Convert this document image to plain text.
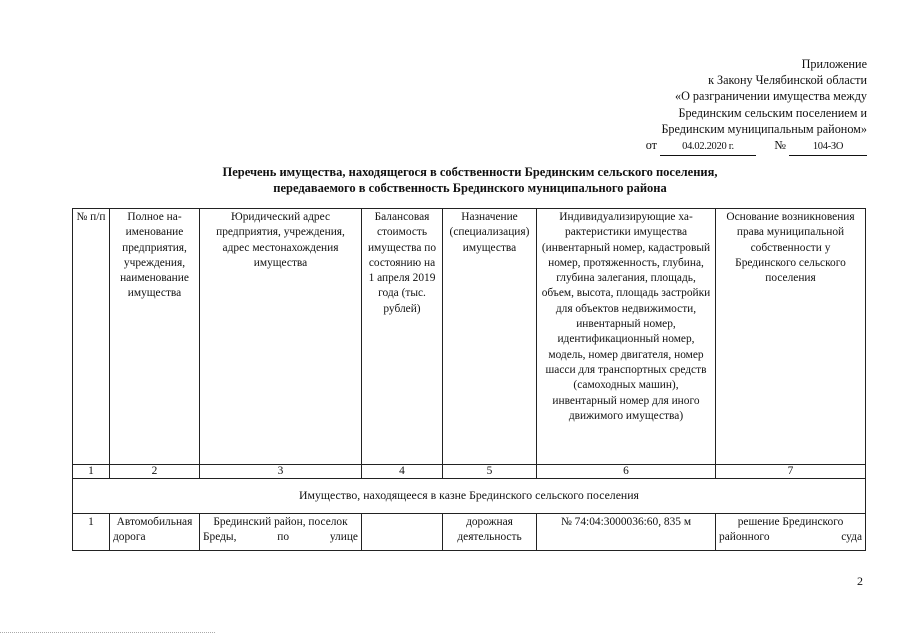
Приложение
к Закону Челябинской области
«О разграничении имущества между
Брединским сельским поселением и
Брединским муниципальным районом»
от 04.02.2020 г.	№	104-ЗО
Перечень имущества, находящегося в собственности Брединским сельского поселения,
передаваемого в собственность Брединского муниципального района
№ п/п	Полное наименование предприятия, учреждения, наименование имущества	Юридический адрес предприятия, учреждения, адрес местонахождения имущества	Балансовая стоимость имущества по состоянию на 1 апреля 2019 года (тыс. рублей)	Назначение (специализация) имущества	Индивидуализирующие характеристики имущества (инвентарный номер, кадастровый номер, протяженность, глубина, глубина залегания, площадь, объем, высота, площадь застройки для объектов недвижимости, инвентарный номер, идентификационный номер, модель, номер двигателя, номер шасси для транспортных средств (самоходных машин), инвентарный номер для иного движимого имущества)	Основание возникновения права муниципальной собственности у Брединского сельского поселения
1	2	3	4	5	6	7
Имущество, находящееся в казне Брединского сельского поселения						
1	Автомобильная дорога	Брединский район, поселок Бреды, по улице		дорожная деятельность	№ 74:04:3000036:60, 835 м	решение Брединского районного суда
2
